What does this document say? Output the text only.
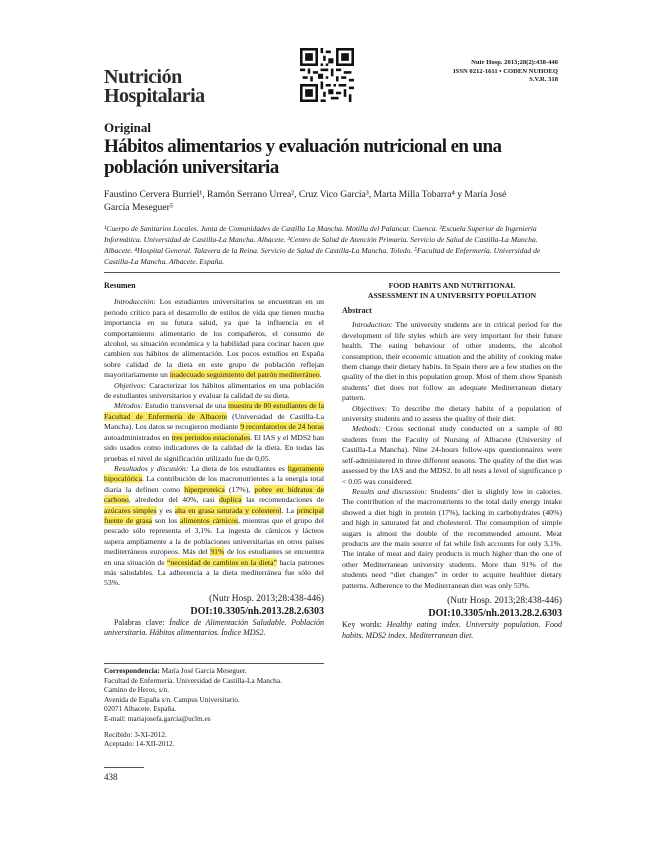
Nutrición
Hospitalaria
Nutr Hosp. 2013;28(2):438-446
ISSN 0212-1611 • CODEN NUHOEQ
S.V.R. 318
Original
Hábitos alimentarios y evaluación nutricional en una población universitaria
Faustino Cervera Burriel¹, Ramón Serrano Urrea², Cruz Vico García³, Marta Milla Tobarra⁴ y María José García Meseguer⁵
¹Cuerpo de Sanitarios Locales. Junta de Comunidades de Castilla La Mancha. Motilla del Palancar. Cuenca. ²Escuela Superior de Ingeniería Informática. Universidad de Castilla-La Mancha. Albacete. ³Centro de Salud de Atención Primaria. Servicio de Salud de Castilla-La Mancha. Albacete. ⁴Hospital General. Talavera de la Reina. Servicio de Salud de Castilla-La Mancha. Toledo. ⁵Facultad de Enfermería. Universidad de Castilla-La Mancha. Albacete. España.
Resumen

Introducción: Los estudiantes universitarios se encuentran en un periodo crítico para el desarrollo de estilos de vida que tienen mucha importancia en su futura salud, ya que la influencia en el comportamiento alimentario de los compañeros, el consumo de alcohol, su situación económica y la habilidad para cocinar hacen que cambien sus hábitos de alimentación. Los pocos estudios en España sobre calidad de la dieta en este grupo de población reflejan mayoritariamente un inadecuado seguimiento del patrón mediterráneo.

Objetivos: Caracterizar los hábitos alimentarios en una población de estudiantes universitarios y evaluar la calidad de su dieta.

Métodos: Estudio transversal de una muestra de 80 estudiantes de la Facultad de Enfermería de Albacete (Universidad de Castilla-La Mancha). Los datos se recogieron mediante 9 recordatorios de 24 horas autoadministrados en tres periodos estacionales. El IAS y el MDS2 han sido usados como indicadores de la calidad de la dieta. En todas las pruebas el nivel de significación utilizado fue de 0,05.

Resultados y discusión: La dieta de los estudiantes es ligeramente hipocalórica. La contribución de los macronutrientes a la energía total diaria la definen como hiperproteica (17%), pobre en hidratos de carbono, alrededor del 40%, casi duplica las recomendaciones de azúcares simples y es alta en grasa saturada y colesterol. La principal fuente de grasa son los alimentos cárnicos, mientras que el grupo del pescado sólo representa el 3,1%. La ingesta de cárnicos y lácteos supera ampliamente a la de poblaciones universitarias en otros países mediterráneos europeos. Más del 91% de los estudiantes se encuentra en una situación de “necesidad de cambios en la dieta” hacia patrones más saludables. La adherencia a la dieta mediterránea fue sólo del 53%.

(Nutr Hosp. 2013;28:438-446)
DOI:10.3305/nh.2013.28.2.6303

Palabras clave: Índice de Alimentación Saludable. Población universitaria. Hábitos alimentarios. Índice MDS2.

FOOD HABITS AND NUTRITIONAL
ASSESSMENT IN A UNIVERSITY POPULATION
Abstract

Introduction: The university students are in critical period for the development of life styles which are very important for their future health. The eating behaviour of other students, the alcohol consumption, their economic situation and the ability of cooking make them change their dietary habits. In Spain there are a few studies on the quality of the diet in this population group. Most of them show Spanish students’ diet does not follow an adequate Mediterranean dietary pattern.

Objectives: To describe the dietary habits of a population of university students and to assess the quality of their diet.

Methods: Cross sectional study conducted on a sample of 80 students from the Faculty of Nursing of Albacete (University of Castilla-La Mancha). Nine 24-hours follow-ups questionnaires were self-administered in three different seasons. The quality of the diet was assessed by the IAS and the MDS2. In all tests a level of significance p < 0.05 was considered.

Results and discussion: Students’ diet is slightly low in calories. The contribution of the macronutrients to the total daily energy intake showed a diet high in protein (17%), lacking in carbohydrates (40%) and high in saturated fat and cholesterol. The consumption of simple sugars is almost the double of the recommended amount. Meat products are the main source of fat while fish accounts for only 3,1%. The intake of meat and dairy products is much higher than the one of other Mediterranean university students. More than 91% of the students need “diet changes” in order to acquire healthier dietary patterns. Adherence to the Mediterranean diet was only 53%.

(Nutr Hosp. 2013;28:438-446)
DOI:10.3305/nh.2013.28.2.6303

Key words: Healthy eating index. University population. Food habits. MDS2 index. Mediterranean diet.

Correspondencia: María José García Meseguer.
Facultad de Enfermería. Universidad de Castilla-La Mancha.
Camino de Heros, s/n.
Avenida de España s/n. Campus Universitario.
02071 Albacete. España.
E-mail: mariajosefa.garcia@uclm.es
Recibido: 3-XI-2012.
Aceptado: 14-XII-2012.
438
